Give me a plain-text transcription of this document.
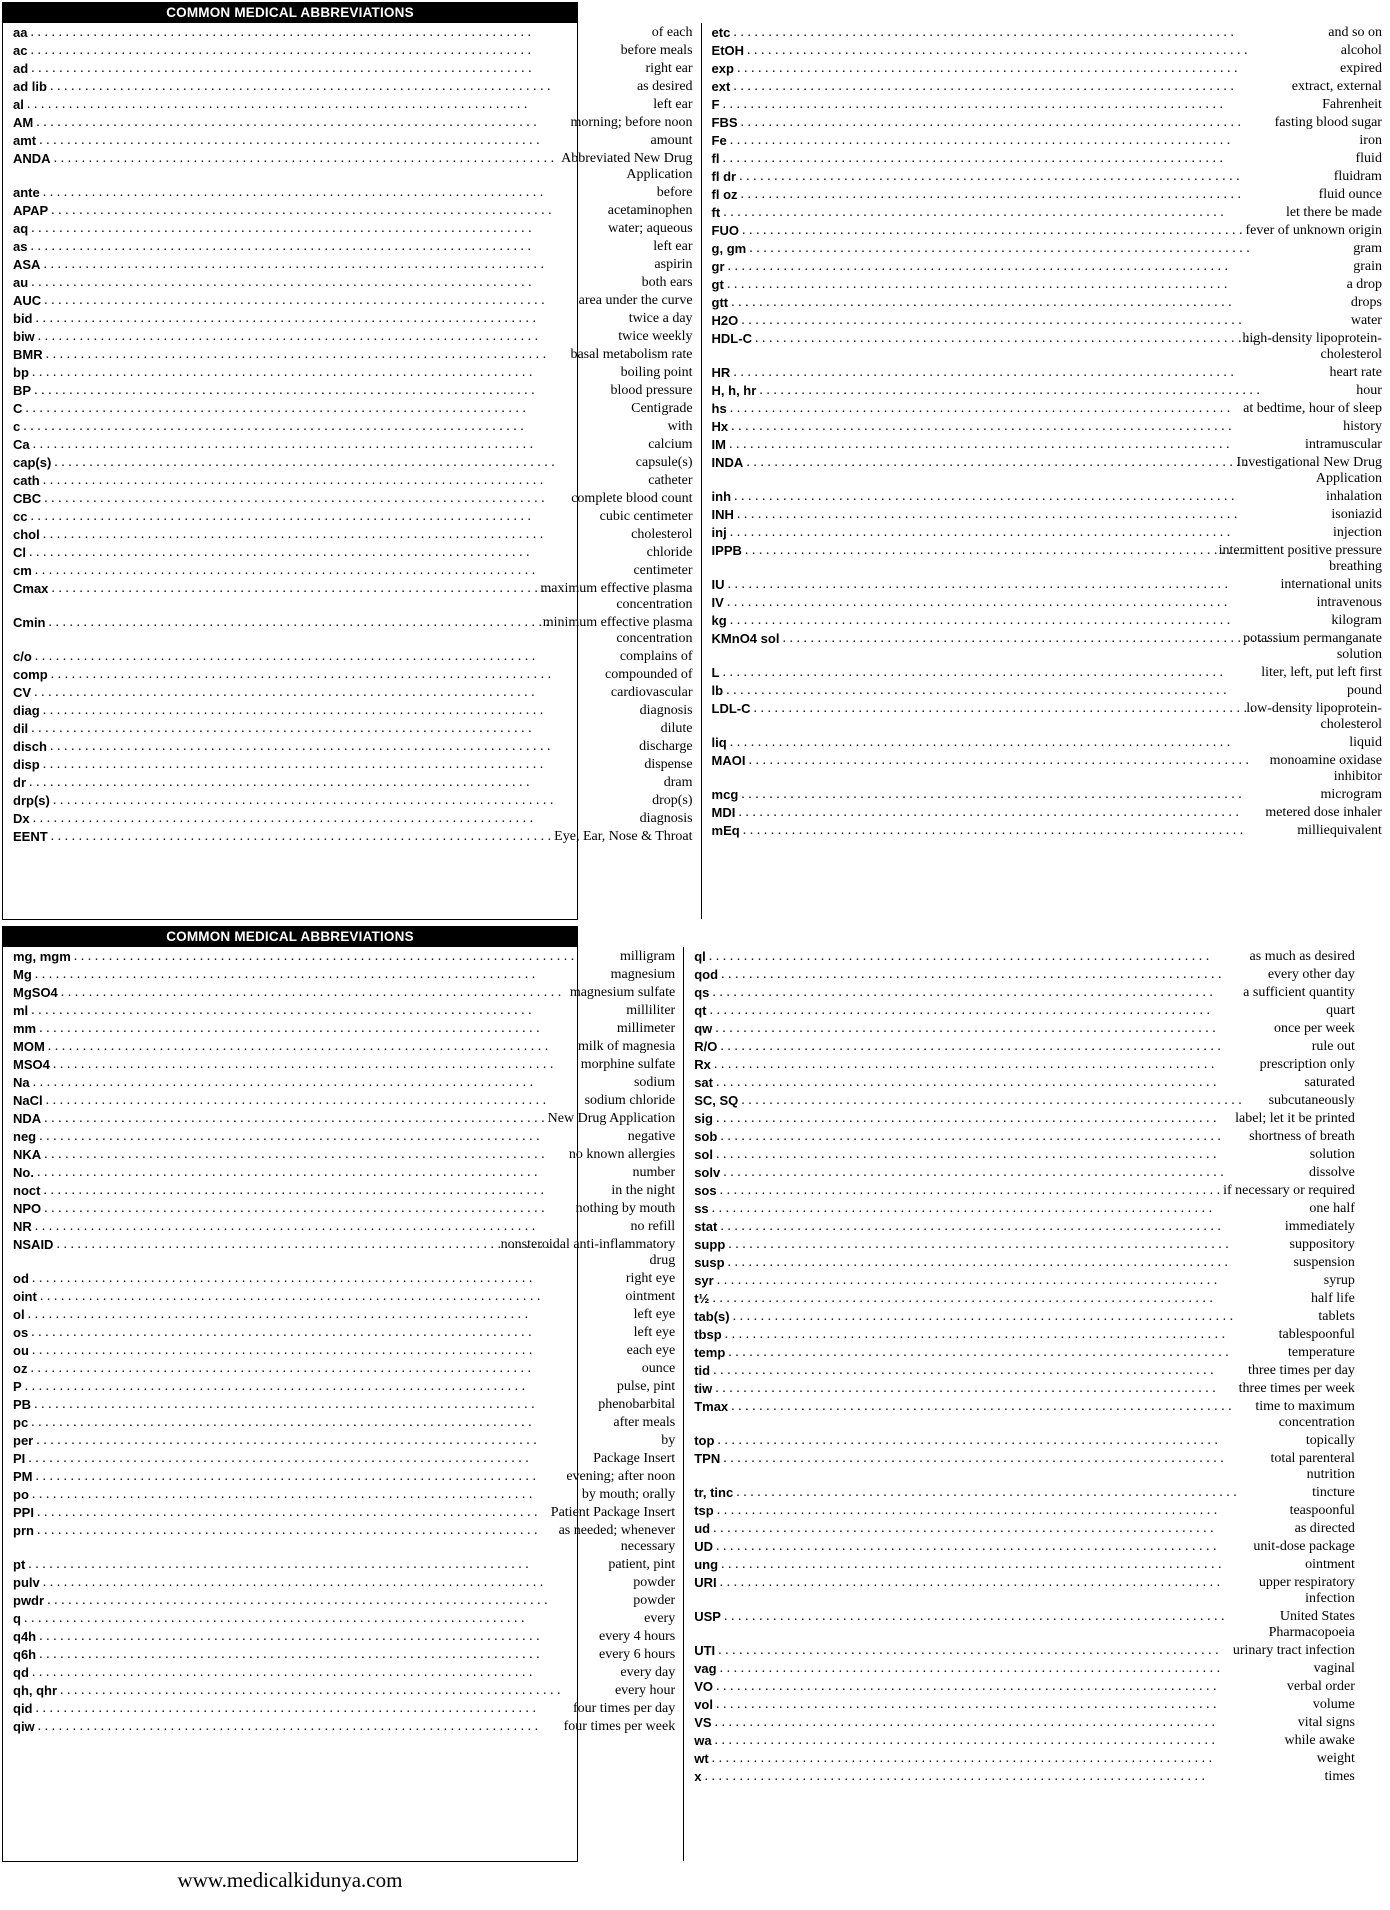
COMMON MEDICAL ABBREVIATIONS
aa . . .	of each
ac . . .	before meals
ad . . .	right ear
ad lib . . .	as desired
al . . .	left ear
AM . . .	morning; before noon
amt . . .	amount
ANDA . . .	Abbreviated New Drug Application
ante . . .	before
APAP . . .	acetaminophen
aq . . .	water; aqueous
as . . .	left ear
ASA . . .	aspirin
au . . .	both ears
AUC . . .	area under the curve
bid . . .	twice a day
biw . . .	twice weekly
BMR . . .	basal metabolism rate
bp . . .	boiling point
BP . . .	blood pressure
C . . .	Centigrade
c . . .	with
Ca . . .	calcium
cap(s) . . .	capsule(s)
cath . . .	catheter
CBC . . .	complete blood count
cc . . .	cubic centimeter
chol . . .	cholesterol
Cl . . .	chloride
cm . . .	centimeter
Cmax . . .	maximum effective plasma concentration
Cmin . . .	minimum effective plasma concentration
c/o . . .	complains of
comp . . .	compounded of
CV . . .	cardiovascular
diag . . .	diagnosis
dil . . .	dilute
disch . . .	discharge
disp . . .	dispense
dr . . .	dram
drp(s) . . .	drop(s)
Dx . . .	diagnosis
EENT . . .	Eye, Ear, Nose & Throat
etc . . .	and so on
EtOH . . .	alcohol
exp . . .	expired
ext . . .	extract, external
F . . .	Fahrenheit
FBS . . .	fasting blood sugar
Fe . . .	iron
fl . . .	fluid
fl dr . . .	fluidram
fl oz . . .	fluid ounce
ft . . .	let there be made
FUO . . .	fever of unknown origin
g, gm . . .	gram
gr . . .	grain
gt . . .	a drop
gtt . . .	drops
H2O . . .	water
HDL-C . . .	high-density lipoprotein-cholesterol
HR . . .	heart rate
H, h, hr . . .	hour
hs . . .	at bedtime, hour of sleep
Hx . . .	history
IM . . .	intramuscular
INDA . . .	Investigational New Drug Application
inh . . .	inhalation
INH . . .	isoniazid
inj . . .	injection
IPPB . . .	intermittent positive pressure breathing
IU . . .	international units
IV . . .	intravenous
kg . . .	kilogram
KMnO4 sol . . .	potassium permanganate solution
L . . .	liter, left, put left first
lb . . .	pound
LDL-C . . .	low-density lipoprotein-cholesterol
liq . . .	liquid
MAOI . . .	monoamine oxidase inhibitor
mcg . . .	microgram
MDI . . .	metered dose inhaler
mEq . . .	milliequivalent
COMMON MEDICAL ABBREVIATIONS
mg, mgm . . .	milligram
Mg . . .	magnesium
MgSO4 . . .	magnesium sulfate
ml . . .	milliliter
mm . . .	millimeter
MOM . . .	milk of magnesia
MSO4 . . .	morphine sulfate
Na . . .	sodium
NaCl . . .	sodium chloride
NDA . . .	New Drug Application
neg . . .	negative
NKA . . .	no known allergies
No. . . .	number
noct . . .	in the night
NPO . . .	nothing by mouth
NR . . .	no refill
NSAID . . .	nonsteroidal anti-inflammatory drug
od . . .	right eye
oint . . .	ointment
ol . . .	left eye
os . . .	left eye
ou . . .	each eye
oz . . .	ounce
P . . .	pulse, pint
PB . . .	phenobarbital
pc . . .	after meals
per . . .	by
PI . . .	Package Insert
PM . . .	evening; after noon
po . . .	by mouth; orally
PPI . . .	Patient Package Insert
prn . . .	as needed; whenever necessary
pt . . .	patient, pint
pulv . . .	powder
pwdr . . .	powder
q . . .	every
q4h . . .	every 4 hours
q6h . . .	every 6 hours
qd . . .	every day
qh, qhr . . .	every hour
qid . . .	four times per day
qiw . . .	four times per week
ql . . .	as much as desired
qod . . .	every other day
qs . . .	a sufficient quantity
qt . . .	quart
qw . . .	once per week
R/O . . .	rule out
Rx . . .	prescription only
sat . . .	saturated
SC, SQ . . .	subcutaneously
sig . . .	label; let it be printed
sob . . .	shortness of breath
sol . . .	solution
solv . . .	dissolve
sos . . .	if necessary or required
ss . . .	one half
stat . . .	immediately
supp . . .	suppository
susp . . .	suspension
syr . . .	syrup
t½ . . .	half life
tab(s) . . .	tablets
tbsp . . .	tablespoonful
temp . . .	temperature
tid . . .	three times per day
tiw . . .	three times per week
Tmax . . .	time to maximum concentration
top . . .	topically
TPN . . .	total parenteral nutrition
tr, tinc . . .	tincture
tsp . . .	teaspoonful
ud . . .	as directed
UD . . .	unit-dose package
ung . . .	ointment
URI . . .	upper respiratory infection
USP . . .	United States Pharmacopoeia
UTI . . .	urinary tract infection
vag . . .	vaginal
VO . . .	verbal order
vol . . .	volume
VS . . .	vital signs
wa . . .	while awake
wt . . .	weight
x . . .	times
www.medicalkidunya.com
